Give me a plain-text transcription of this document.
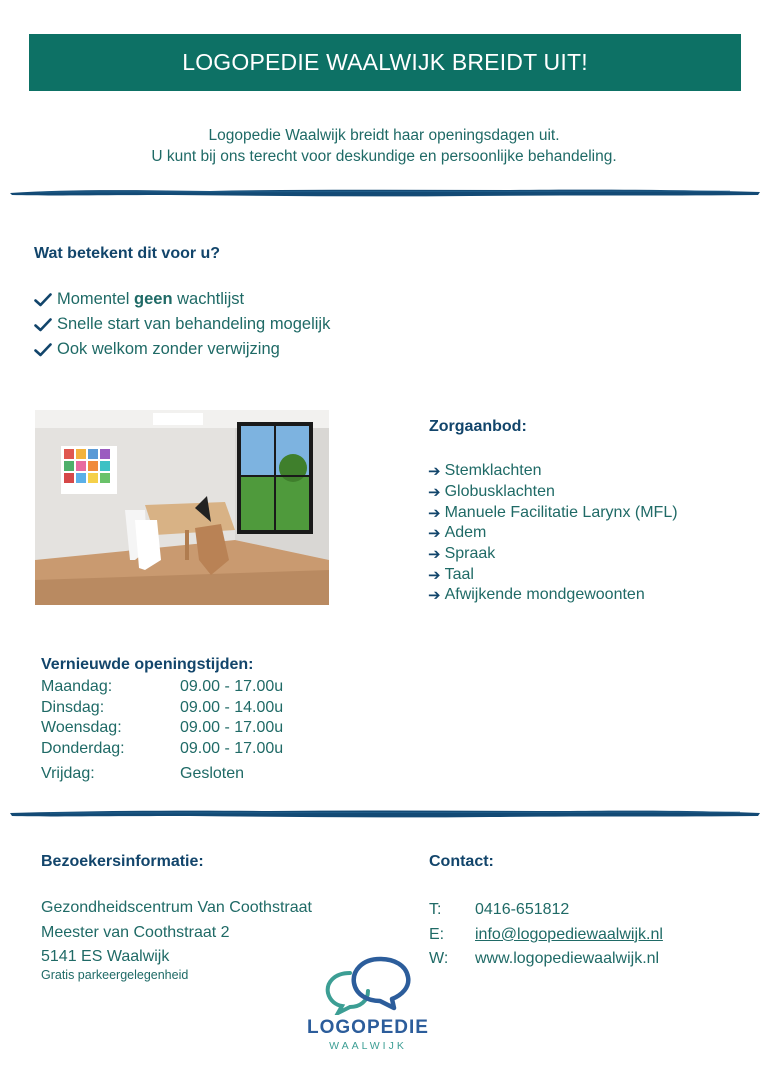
LOGOPEDIE WAALWIJK BREIDT UIT!
Logopedie Waalwijk breidt haar openingsdagen uit.
U kunt bij ons terecht voor deskundige en persoonlijke behandeling.
Wat betekent dit voor u?
Momentel geen wachtlijst
Snelle start van behandeling mogelijk
Ook welkom zonder verwijzing
Zorgaanbod:
➔ Stemklachten
➔ Globusklachten
➔ Manuele Facilitatie Larynx (MFL)
➔ Adem
➔ Spraak
➔ Taal
➔ Afwijkende mondgewoonten
Vernieuwde openingstijden:
Maandag:	09.00 - 17.00u
Dinsdag:	09.00 - 14.00u
Woensdag:	09.00 - 17.00u
Donderdag:	09.00 - 17.00u
Vrijdag:	Gesloten
Bezoekersinformatie:
Gezondheidscentrum Van Coothstraat
Meester van Coothstraat 2
5141 ES Waalwijk
Gratis parkeergelegenheid
Contact:
T:	0416-651812
E:	info@logopediewaalwijk.nl
W:	www.logopediewaalwijk.nl
LOGOPEDIE
WAALWIJK
